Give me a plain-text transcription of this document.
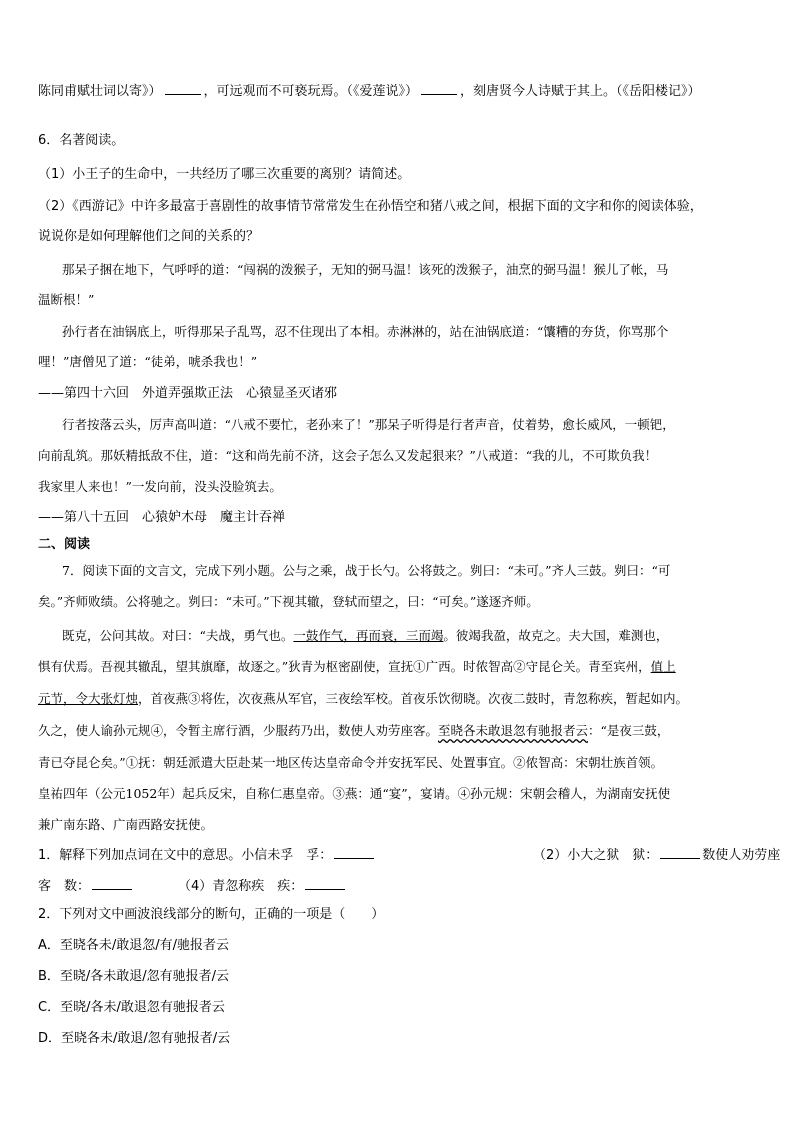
陈同甫赋壮词以寄》）	，可远观而不可亵玩焉。（《爱莲说》）	，刻唐贤今人诗赋于其上。（《岳阳楼记》）
6．名著阅读。
（1）小王子的生命中，一共经历了哪三次重要的离别？请简述。
（2）《西游记》中许多最富于喜剧性的故事情节常常发生在孙悟空和猪八戒之间，根据下面的文字和你的阅读体验，
说说你是如何理解他们之间的关系的？
那呆子捆在地下，气呼呼的道：“闯祸的泼猴子，无知的弼马温！该死的泼猴子，油烹的弼马温！猴儿了帐，马
温断根！”
孙行者在油锅底上，听得那呆子乱骂，忍不住现出了本相。赤淋淋的，站在油锅底道：“馕糟的夯货，你骂那个
哩！”唐僧见了道：“徒弟，唬杀我也！”
——第四十六回　外道弄强欺正法　心猿显圣灭诸邪
行者按落云头，厉声高叫道：“八戒不要忙，老孙来了！”那呆子听得是行者声音，仗着势，愈长威风，一顿钯，
向前乱筑。那妖精抵敌不住，道：“这和尚先前不济，这会子怎么又发起狠来？”八戒道：“我的儿，不可欺负我！
我家里人来也！”一发向前，没头没脸筑去。
——第八十五回　心猿妒木母　魔主计吞禅
二、阅读
7．阅读下面的文言文，完成下列小题。公与之乘，战于长勺。公将鼓之。刿曰：“未可。”齐人三鼓。刿曰：“可
矣。”齐师败绩。公将驰之。刿曰：“未可。”下视其辙，登轼而望之，曰：“可矣。”遂逐齐师。
既克，公问其故。对曰：“夫战，勇气也。一鼓作气，再而衰，三而竭。彼竭我盈，故克之。夫大国，难测也，
惧有伏焉。吾视其辙乱，望其旗靡，故逐之。”狄青为枢密副使，宣抚①广西。时侬智高②守昆仑关。青至宾州，值上
元节，令大张灯烛，首夜燕③将佐，次夜燕从军官，三夜绘军校。首夜乐饮彻晓。次夜二鼓时，青忽称疾，暂起如内。
久之，使人谕孙元规④，令暂主席行酒，少服药乃出，数使人劝劳座客。至晓各未敢退忽有驰报者云：“是夜三鼓，
青已夺昆仑矣。”①抚：朝廷派遣大臣赴某一地区传达皇帝命令并安抚军民、处置事宜。②侬智高：宋朝壮族首领。
皇祐四年（公元1052年）起兵反宋，自称仁惠皇帝。③燕：通“宴”，宴请。④孙元规：宋朝会稽人，为湖南安抚使
兼广南东路、广南西路安抚使。
1．解释下列加点词在文中的意思。小信未孚　孚：	（2）小大之狱　狱：	数使人劝劳座
客　数：	（4）青忽称疾　疾：
2．下列对文中画波浪线部分的断句，正确的一项是（　　）
A．至晓各未/敢退忽/有/驰报者云
B．至晓/各未敢退/忽有驰报者/云
C．至晓/各未/敢退忽有驰报者云
D．至晓各未/敢退/忽有驰报者/云
